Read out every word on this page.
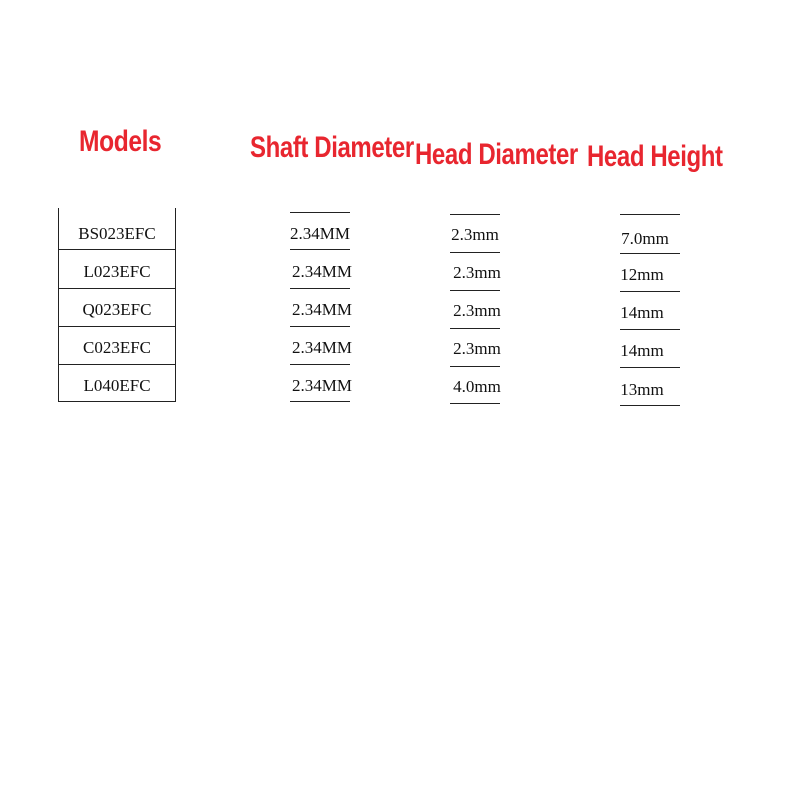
Models	Shaft Diameter Head Diameter Head Height
BS023EFC
L023EFC
Q023EFC
C023EFC
L040EFC
2.34MM
2.34MM
2.34MM
2.34MM
2.34MM
2.3mm
2.3mm
2.3mm
2.3mm
4.0mm
7.0mm
12mm
14mm
14mm
13mm
